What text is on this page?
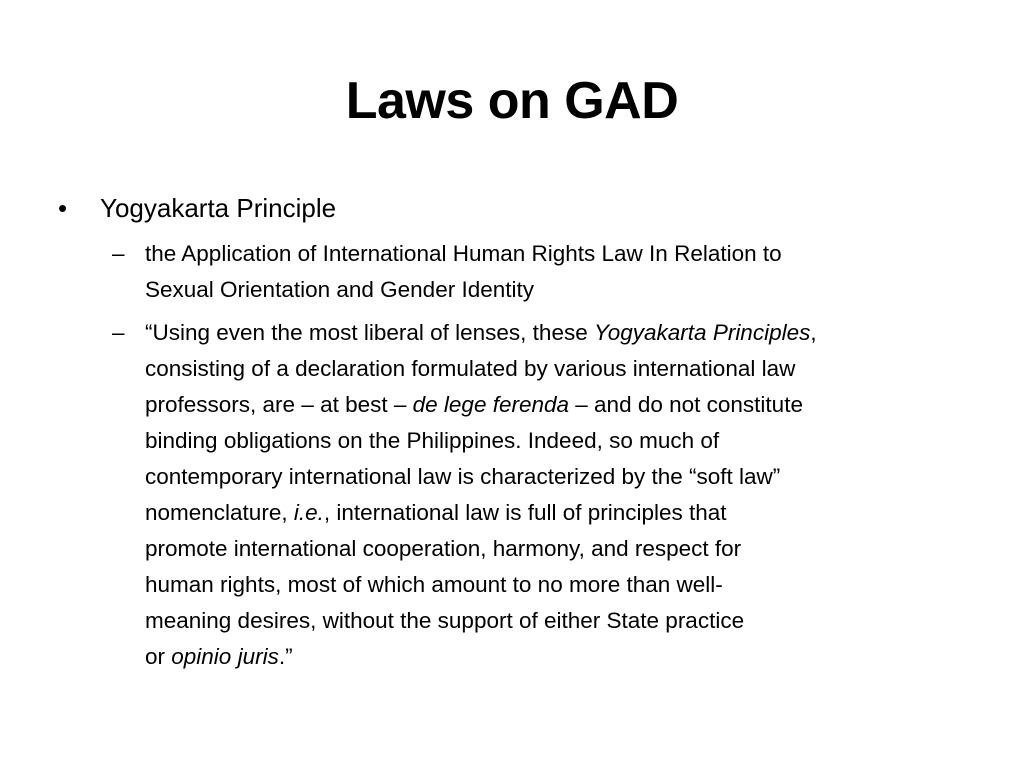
Laws on GAD
•	Yogyakarta Principle
– the Application of International Human Rights Law In Relation to
Sexual Orientation and Gender Identity
– “Using even the most liberal of lenses, these Yogyakarta Principles,
consisting of a declaration formulated by various international law
professors, are – at best – de lege ferenda – and do not constitute
binding obligations on the Philippines. Indeed, so much of
contemporary international law is characterized by the “soft law”
nomenclature, i.e., international law is full of principles that
promote international cooperation, harmony, and respect for
human rights, most of which amount to no more than well-
meaning desires, without the support of either State practice
or opinio juris.”
